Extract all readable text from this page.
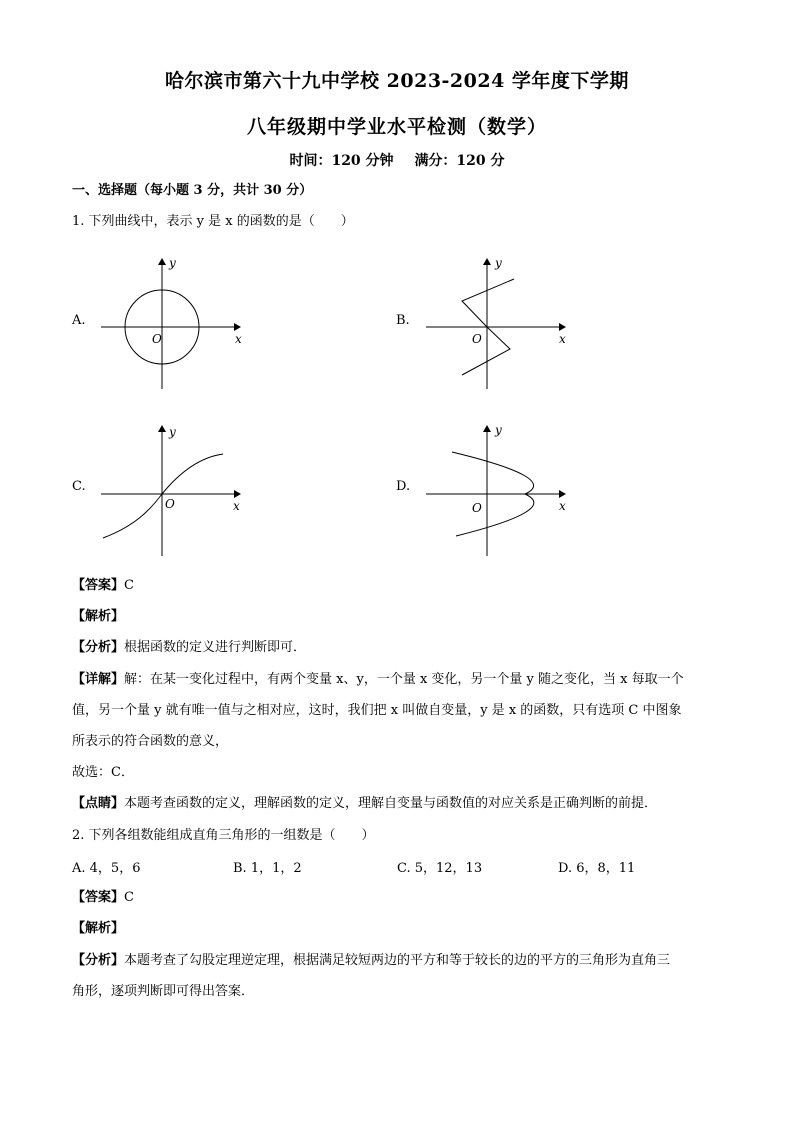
哈尔滨市第六十九中学校 2023-2024 学年度下学期
八年级期中学业水平检测（数学）
时间：120 分钟 满分：120 分
一、选择题（每小题 3 分，共计 30 分）
1. 下列曲线中，表示 y 是 x 的函数的是（　　）
A.	B.
C.	D.
y
x
O
y
x
O
y
x
O
y
x
O
【答案】C
【解析】
【分析】根据函数的定义进行判断即可．
【详解】解：在某一变化过程中，有两个变量 x、y，一个量 x 变化，另一个量 y 随之变化，当 x 每取一个
值，另一个量 y 就有唯一值与之相对应，这时，我们把 x 叫做自变量，y 是 x 的函数，只有选项 C 中图象
所表示的符合函数的意义，
故选：C．
【点睛】本题考查函数的定义，理解函数的定义，理解自变量与函数值的对应关系是正确判断的前提．
2. 下列各组数能组成直角三角形的一组数是（　　）
A. 4，5，6	B. 1，1，2	C. 5，12，13	D. 6，8，11
【答案】C
【解析】
【分析】本题考查了勾股定理逆定理，根据满足较短两边的平方和等于较长的边的平方的三角形为直角三
角形，逐项判断即可得出答案．
